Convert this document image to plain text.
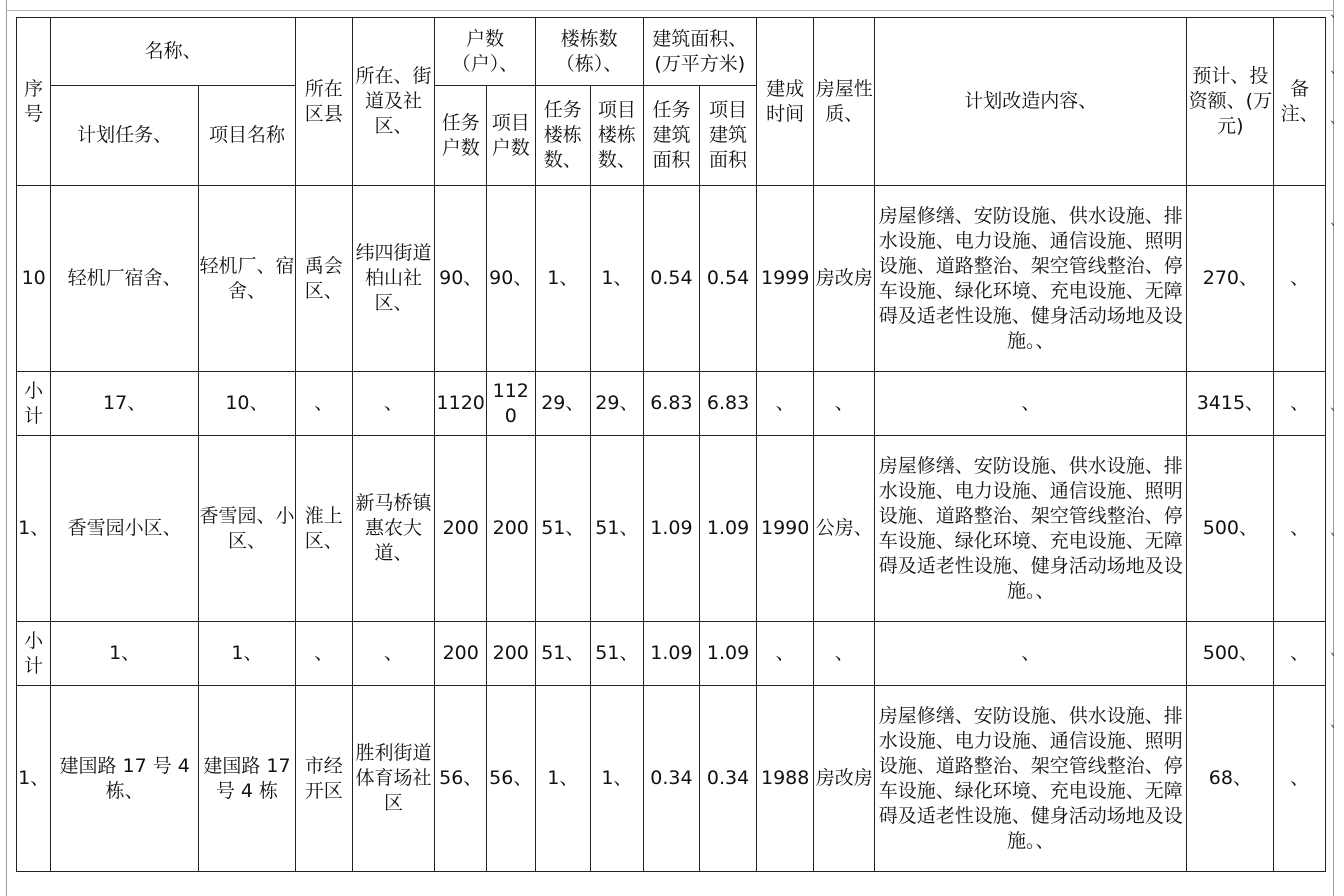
、
、
、
、
、
、
、
、
序号	名称、		所在区县	所在、街道及社区、	户数（户）、		楼栋数（栋）、		建筑面积、(万平方米)		建成时间	房屋性质、	计划改造内容、	预计、投资额、(万元)	备注、
	计划任务、	项目名称			任务户数	项目户数	任务楼栋数、	项目楼栋数、	任务建筑面积	项目建筑面积					
10	轻机厂宿舍、	轻机厂、宿舍、	禹会区、	纬四街道柏山社区、	90、	90、	1、	1、	0.54	0.54	1999	房改房	房屋修缮、安防设施、供水设施、排水设施、电力设施、通信设施、照明设施、道路整治、架空管线整治、停车设施、绿化环境、充电设施、无障碍及适老性设施、健身活动场地及设施。、	270、	、
小计	17、	10、	、	、	1120	1120	29、	29、	6.83	6.83	、	、	、	3415、	、
1、	香雪园小区、	香雪园、小区、	淮上区、	新马桥镇惠农大道、	200	200	51、	51、	1.09	1.09	1990	公房、	房屋修缮、安防设施、供水设施、排水设施、电力设施、通信设施、照明设施、道路整治、架空管线整治、停车设施、绿化环境、充电设施、无障碍及适老性设施、健身活动场地及设施。、	500、	、
小计	1、	1、	、	、	200	200	51、	51、	1.09	1.09	、	、	、	500、	、
1、	建国路 17 号 4 栋、	建国路 17 号 4 栋	市经开区	胜利街道体育场社区	56、	56、	1、	1、	0.34	0.34	1988	房改房	房屋修缮、安防设施、供水设施、排水设施、电力设施、通信设施、照明设施、道路整治、架空管线整治、停车设施、绿化环境、充电设施、无障碍及适老性设施、健身活动场地及设施。、	68、	、
